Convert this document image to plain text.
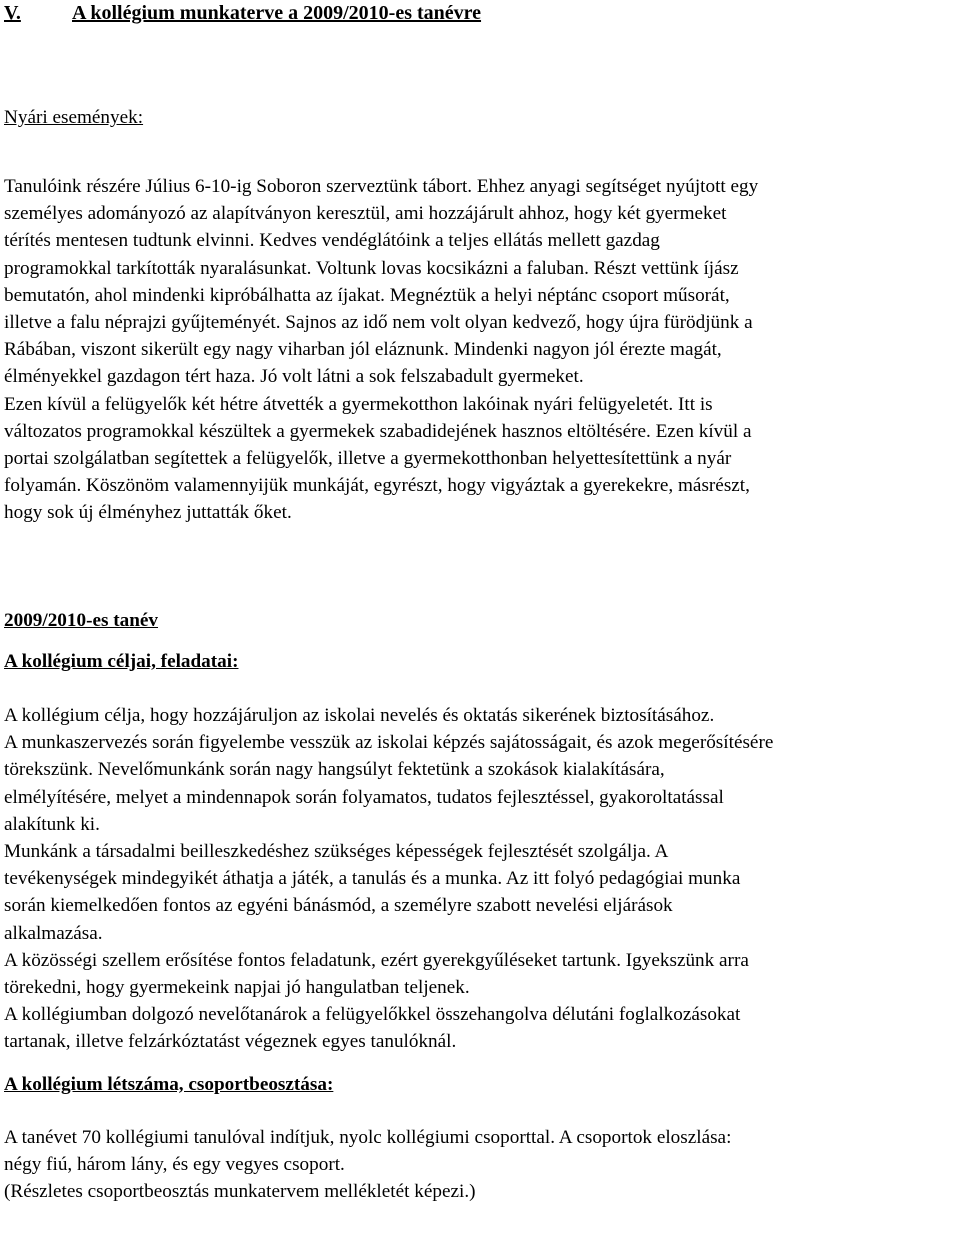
V.	A kollégium munkaterve a 2009/2010-es tanévre
Nyári események:
Tanulóink részére Július 6-10-ig Soboron szerveztünk tábort. Ehhez anyagi segítséget nyújtott egy
személyes adományozó az alapítványon keresztül, ami hozzájárult ahhoz, hogy két gyermeket
térítés mentesen tudtunk elvinni. Kedves vendéglátóink a teljes ellátás mellett gazdag
programokkal tarkították nyaralásunkat. Voltunk lovas kocsikázni a faluban. Részt vettünk íjász
bemutatón, ahol mindenki kipróbálhatta az íjakat. Megnéztük a helyi néptánc csoport műsorát,
illetve a falu néprajzi gyűjteményét. Sajnos az idő nem volt olyan kedvező, hogy újra fürödjünk a
Rábában, viszont sikerült egy nagy viharban jól eláznunk. Mindenki nagyon jól érezte magát,
élményekkel gazdagon tért haza. Jó volt látni a sok felszabadult gyermeket.
Ezen kívül a felügyelők két hétre átvették a gyermekotthon lakóinak nyári felügyeletét. Itt is
változatos programokkal készültek a gyermekek szabadidejének hasznos eltöltésére. Ezen kívül a
portai szolgálatban segítettek a felügyelők, illetve a gyermekotthonban helyettesítettünk a nyár
folyamán. Köszönöm valamennyijük munkáját, egyrészt, hogy vigyáztak a gyerekekre, másrészt,
hogy sok új élményhez juttatták őket.
2009/2010-es tanév
A kollégium céljai, feladatai:
A kollégium célja, hogy hozzájáruljon az iskolai nevelés és oktatás sikerének biztosításához.
A munkaszervezés során figyelembe vesszük az iskolai képzés sajátosságait, és azok megerősítésére
törekszünk. Nevelőmunkánk során nagy hangsúlyt fektetünk a szokások kialakítására,
elmélyítésére, melyet a mindennapok során folyamatos, tudatos fejlesztéssel, gyakoroltatással
alakítunk ki.
Munkánk a társadalmi beilleszkedéshez szükséges képességek fejlesztését szolgálja. A
tevékenységek mindegyikét áthatja a játék, a tanulás és a munka. Az itt folyó pedagógiai munka
során kiemelkedően fontos az egyéni bánásmód, a személyre szabott nevelési eljárások
alkalmazása.
A közösségi szellem erősítése fontos feladatunk, ezért gyerekgyűléseket tartunk. Igyekszünk arra
törekedni, hogy gyermekeink napjai jó hangulatban teljenek.
A kollégiumban dolgozó nevelőtanárok a felügyelőkkel összehangolva délutáni foglalkozásokat
tartanak, illetve felzárkóztatást végeznek egyes tanulóknál.
A kollégium létszáma, csoportbeosztása:
A tanévet 70 kollégiumi tanulóval indítjuk, nyolc kollégiumi csoporttal. A csoportok eloszlása:
négy fiú, három lány, és egy vegyes csoport.
(Részletes csoportbeosztás munkatervem mellékletét képezi.)
